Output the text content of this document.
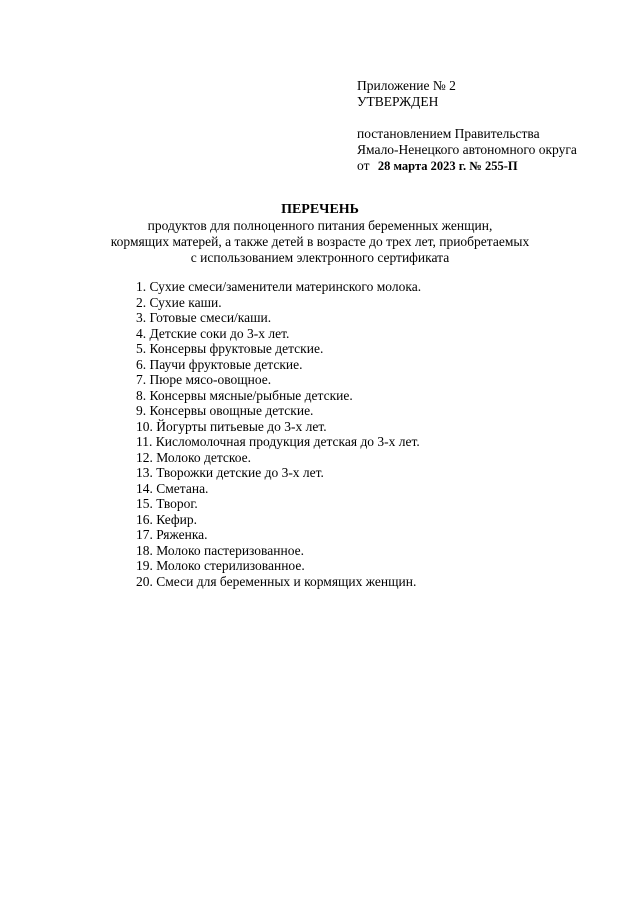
Приложение № 2
УТВЕРЖДЕН
постановлением Правительства
Ямало-Ненецкого автономного округа
от 28 марта 2023 г. № 255-П
ПЕРЕЧЕНЬ
продуктов для полноценного питания беременных женщин,
кормящих матерей, а также детей в возрасте до трех лет, приобретаемых
с использованием электронного сертификата
1. Сухие смеси/заменители материнского молока.
2. Сухие каши.
3. Готовые смеси/каши.
4. Детские соки до 3-х лет.
5. Консервы фруктовые детские.
6. Паучи фруктовые детские.
7. Пюре мясо-овощное.
8. Консервы мясные/рыбные детские.
9. Консервы овощные детские.
10. Йогурты питьевые до 3-х лет.
11. Кисломолочная продукция детская до 3-х лет.
12. Молоко детское.
13. Творожки детские до 3-х лет.
14. Сметана.
15. Творог.
16. Кефир.
17. Ряженка.
18. Молоко пастеризованное.
19. Молоко стерилизованное.
20. Смеси для беременных и кормящих женщин.
